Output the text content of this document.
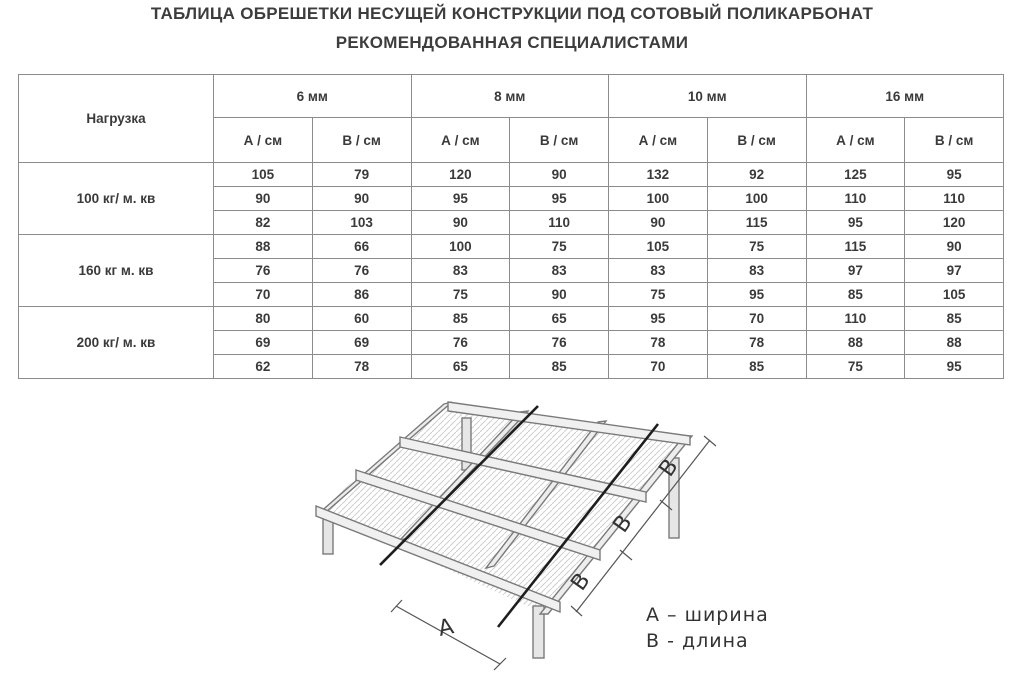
ТАБЛИЦА ОБРЕШЕТКИ НЕСУЩЕЙ КОНСТРУКЦИИ ПОД СОТОВЫЙ ПОЛИКАРБОНАТ
РЕКОМЕНДОВАННАЯ СПЕЦИАЛИСТАМИ
Нагрузка	6 мм		8 мм		10 мм		16 мм	
	А / см	В / см	А / см	В / см	А / см	В / см	А / см	В / см
100 кг/ м. кв	105	79	120	90	132	92	125	95
	90	90	95	95	100	100	110	110
	82	103	90	110	90	115	95	120
160 кг м. кв	88	66	100	75	105	75	115	90
	76	76	83	83	83	83	97	97
	70	86	75	90	75	95	85	105
200 кг/ м. кв	80	60	85	65	95	70	110	85
	69	69	76	76	78	78	88	88
	62	78	65	85	70	85	75	95
A
B
B
B
А – ширина
В - длина
